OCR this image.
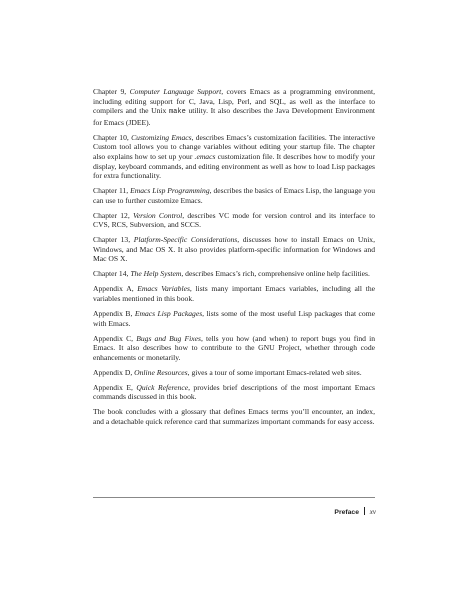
Chapter 9, Computer Language Support, covers Emacs as a programming environment, including editing support for C, Java, Lisp, Perl, and SQL, as well as the interface to compilers and the Unix make utility. It also describes the Java Development Environment for Emacs (JDEE).

Chapter 10, Customizing Emacs, describes Emacs’s customization facilities. The interactive Custom tool allows you to change variables without editing your startup file. The chapter also explains how to set up your .emacs customization file. It describes how to modify your display, keyboard commands, and editing environment as well as how to load Lisp packages for extra functionality.

Chapter 11, Emacs Lisp Programming, describes the basics of Emacs Lisp, the language you can use to further customize Emacs.

Chapter 12, Version Control, describes VC mode for version control and its interface to CVS, RCS, Subversion, and SCCS.

Chapter 13, Platform-Specific Considerations, discusses how to install Emacs on Unix, Windows, and Mac OS X. It also provides platform-specific information for Windows and Mac OS X.

Chapter 14, The Help System, describes Emacs’s rich, comprehensive online help facilities.

Appendix A, Emacs Variables, lists many important Emacs variables, including all the variables mentioned in this book.

Appendix B, Emacs Lisp Packages, lists some of the most useful Lisp packages that come with Emacs.

Appendix C, Bugs and Bug Fixes, tells you how (and when) to report bugs you find in Emacs. It also describes how to contribute to the GNU Project, whether through code enhancements or monetarily.

Appendix D, Online Resources, gives a tour of some important Emacs-related web sites.

Appendix E, Quick Reference, provides brief descriptions of the most important Emacs commands discussed in this book.

The book concludes with a glossary that defines Emacs terms you’ll encounter, an index, and a detachable quick reference card that summarizes important commands for easy access.

Preface xv
